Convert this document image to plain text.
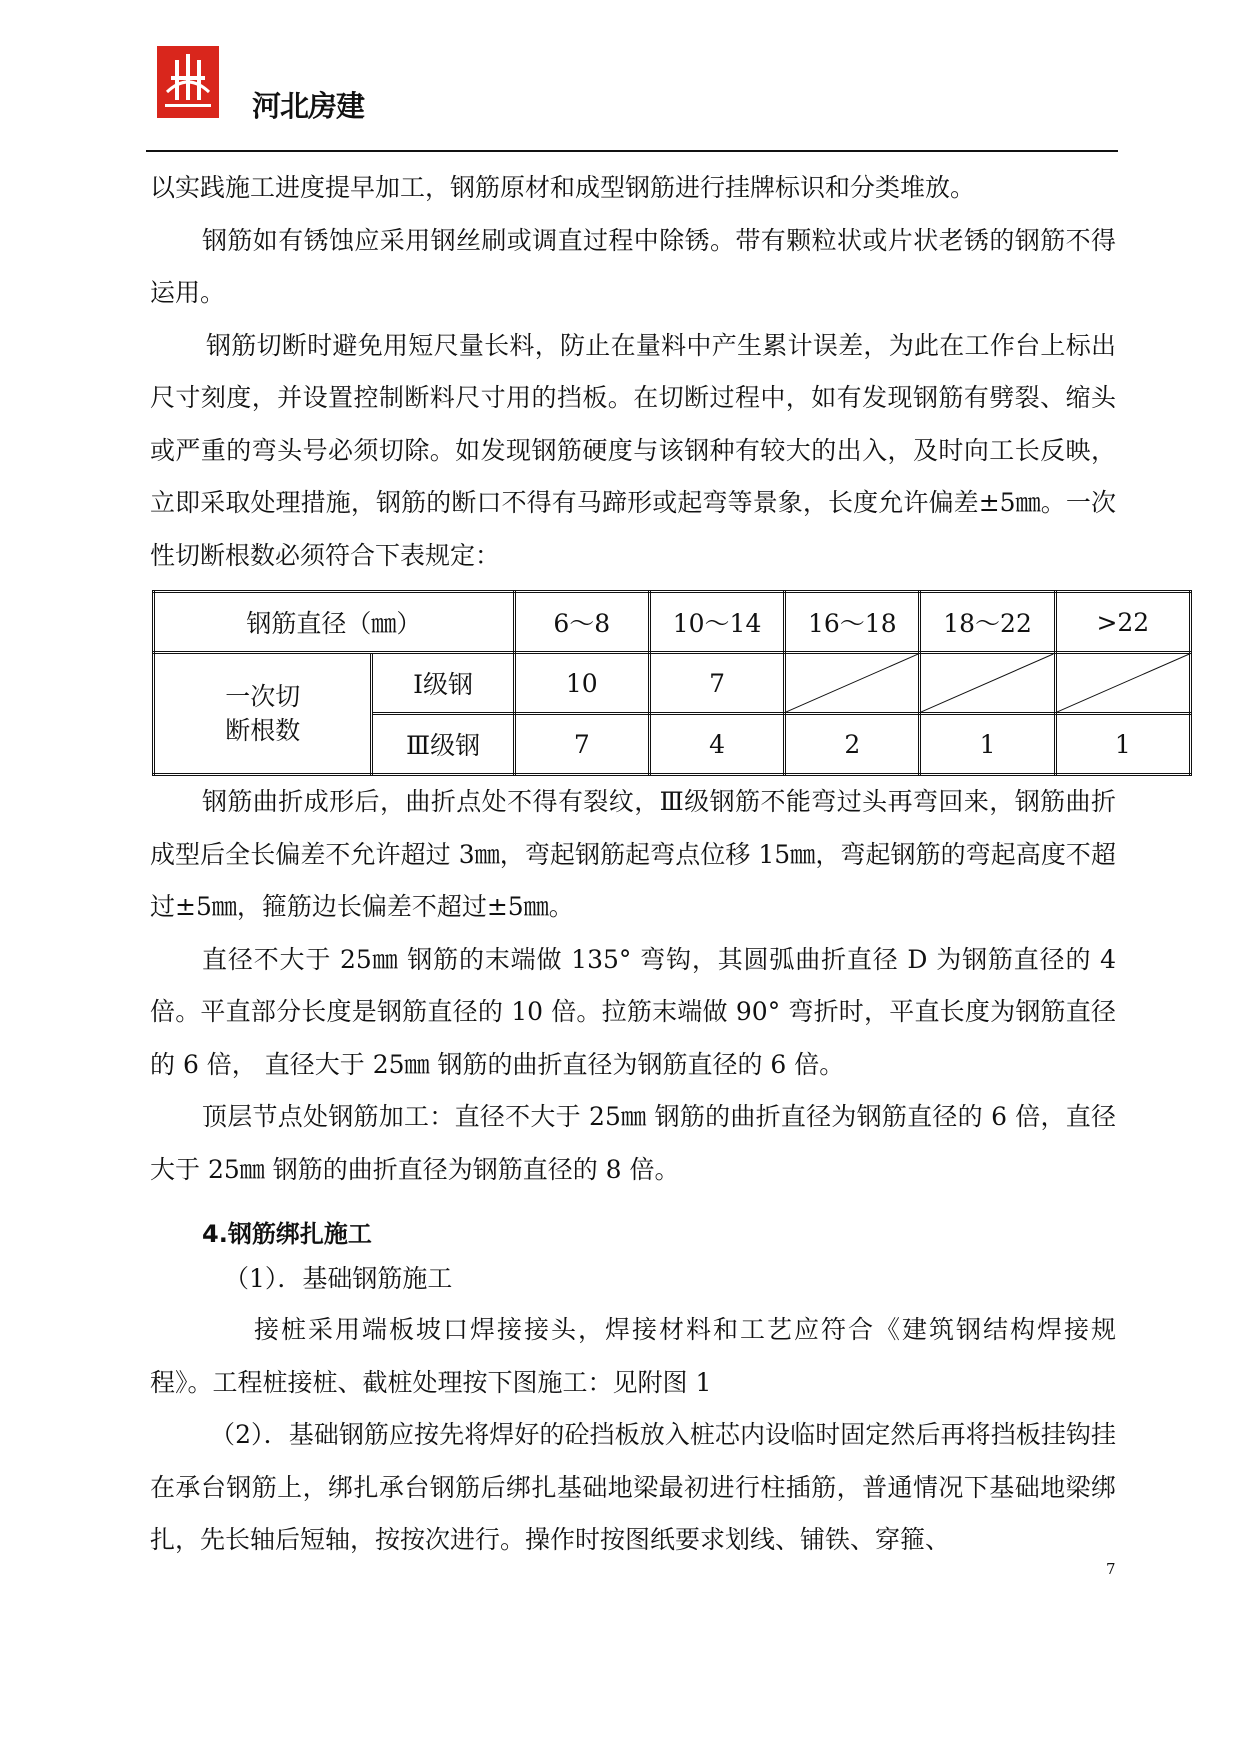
河北房建

以实践施工进度提早加工，钢筋原材和成型钢筋进行挂牌标识和分类堆放。

钢筋如有锈蚀应采用钢丝刷或调直过程中除锈。带有颗粒状或片状老锈的钢筋不得运用。

钢筋切断时避免用短尺量长料，防止在量料中产生累计误差，为此在工作台上标出尺寸刻度，并设置控制断料尺寸用的挡板。在切断过程中，如有发现钢筋有劈裂、缩头或严重的弯头号必须切除。如发现钢筋硬度与该钢种有较大的出入，及时向工长反映，立即采取处理措施，钢筋的断口不得有马蹄形或起弯等景象，长度允许偏差±5㎜。一次性切断根数必须符合下表规定：

钢筋直径（㎜）		6～8	10～14	16～18	18～22	>22

一次切
断根数	Ⅰ级钢	10	7	

	Ⅲ级钢	7	4	2	1	1

钢筋曲折成形后，曲折点处不得有裂纹，Ⅲ级钢筋不能弯过头再弯回来，钢筋曲折成型后全长偏差不允许超过 3㎜，弯起钢筋起弯点位移 15㎜，弯起钢筋的弯起高度不超过±5㎜，箍筋边长偏差不超过±5㎜。

直径不大于 25㎜ 钢筋的末端做 135° 弯钩，其圆弧曲折直径 D 为钢筋直径的 4 倍。平直部分长度是钢筋直径的 10 倍。拉筋末端做 90° 弯折时，平直长度为钢筋直径的 6 倍， 直径大于 25㎜ 钢筋的曲折直径为钢筋直径的 6 倍。

顶层节点处钢筋加工：直径不大于 25㎜ 钢筋的曲折直径为钢筋直径的 6 倍，直径大于 25㎜ 钢筋的曲折直径为钢筋直径的 8 倍。

4.钢筋绑扎施工
（1）．基础钢筋施工

接桩采用端板坡口焊接接头，焊接材料和工艺应符合《建筑钢结构焊接规程》。工程桩接桩、截桩处理按下图施工：见附图 1

（2）．基础钢筋应按先将焊好的砼挡板放入桩芯内设临时固定然后再将挡板挂钩挂在承台钢筋上，绑扎承台钢筋后绑扎基础地梁最初进行柱插筋，普通情况下基础地梁绑扎，先长轴后短轴，按按次进行。操作时按图纸要求划线、铺铁、穿箍、

7
